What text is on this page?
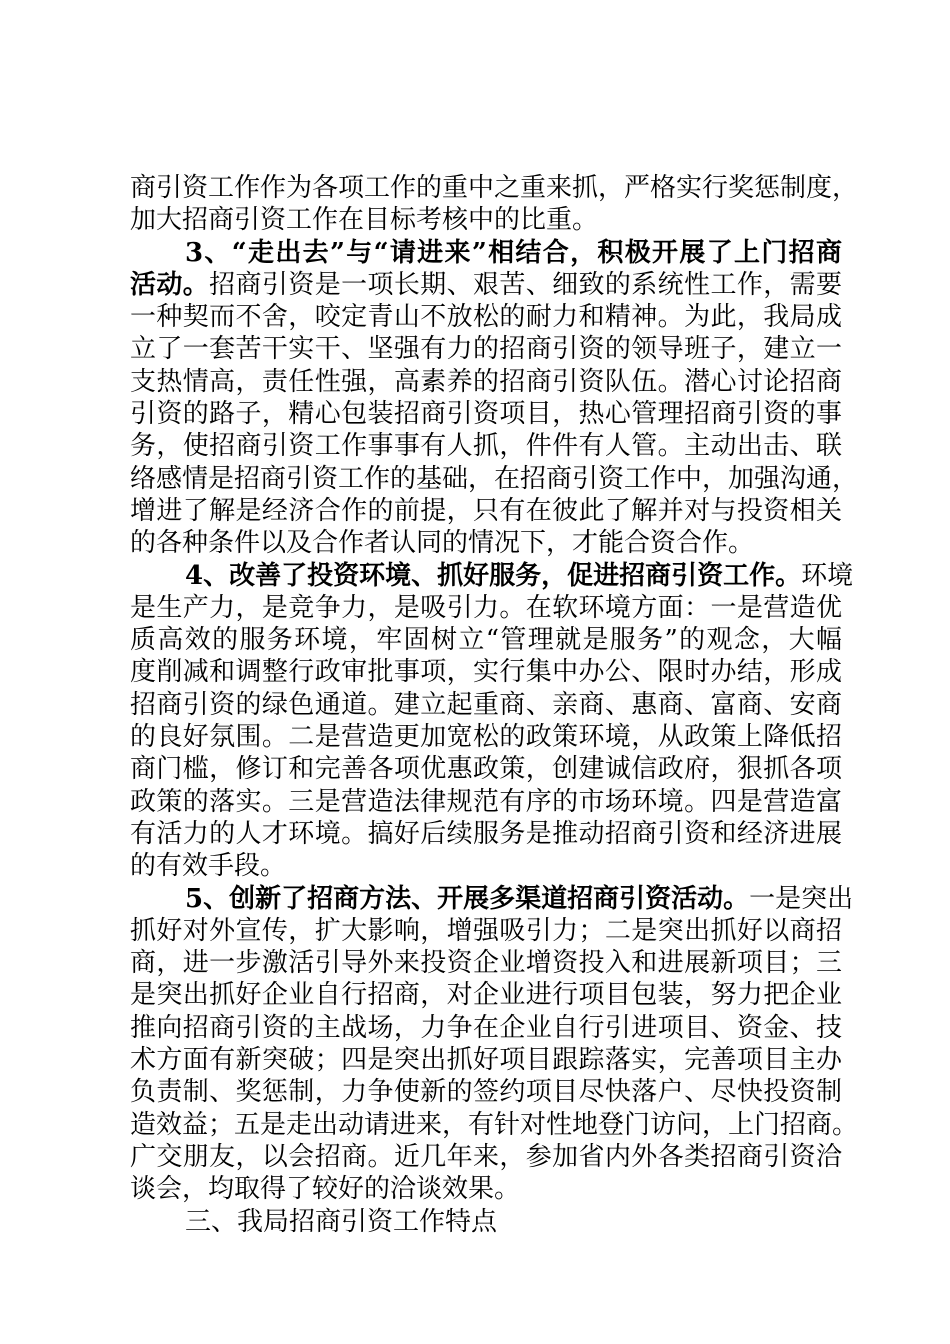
商引资工作作为各项工作的重中之重来抓，严格实行奖惩制度，
加大招商引资工作在目标考核中的比重。
3、“走出去”与“请进来”相结合，积极开展了上门招商
活动。招商引资是一项长期、艰苦、细致的系统性工作，需要
一种契而不舍，咬定青山不放松的耐力和精神。为此，我局成
立了一套苦干实干、坚强有力的招商引资的领导班子，建立一
支热情高，责任性强，高素养的招商引资队伍。潜心讨论招商
引资的路子，精心包装招商引资项目，热心管理招商引资的事
务，使招商引资工作事事有人抓，件件有人管。主动出击、联
络感情是招商引资工作的基础，在招商引资工作中，加强沟通，
增进了解是经济合作的前提，只有在彼此了解并对与投资相关
的各种条件以及合作者认同的情况下，才能合资合作。
4、改善了投资环境、抓好服务，促进招商引资工作。环境
是生产力，是竞争力，是吸引力。在软环境方面：一是营造优
质高效的服务环境，牢固树立“管理就是服务”的观念，大幅
度削减和调整行政审批事项，实行集中办公、限时办结，形成
招商引资的绿色通道。建立起重商、亲商、惠商、富商、安商
的良好氛围。二是营造更加宽松的政策环境，从政策上降低招
商门槛，修订和完善各项优惠政策，创建诚信政府，狠抓各项
政策的落实。三是营造法律规范有序的市场环境。四是营造富
有活力的人才环境。搞好后续服务是推动招商引资和经济进展
的有效手段。
5、创新了招商方法、开展多渠道招商引资活动。一是突出
抓好对外宣传，扩大影响，增强吸引力；二是突出抓好以商招
商，进一步激活引导外来投资企业增资投入和进展新项目；三
是突出抓好企业自行招商，对企业进行项目包装，努力把企业
推向招商引资的主战场，力争在企业自行引进项目、资金、技
术方面有新突破；四是突出抓好项目跟踪落实，完善项目主办
负责制、奖惩制，力争使新的签约项目尽快落户、尽快投资制
造效益；五是走出动请进来，有针对性地登门访问，上门招商。
广交朋友，以会招商。近几年来，参加省内外各类招商引资洽
谈会，均取得了较好的洽谈效果。
三、我局招商引资工作特点
